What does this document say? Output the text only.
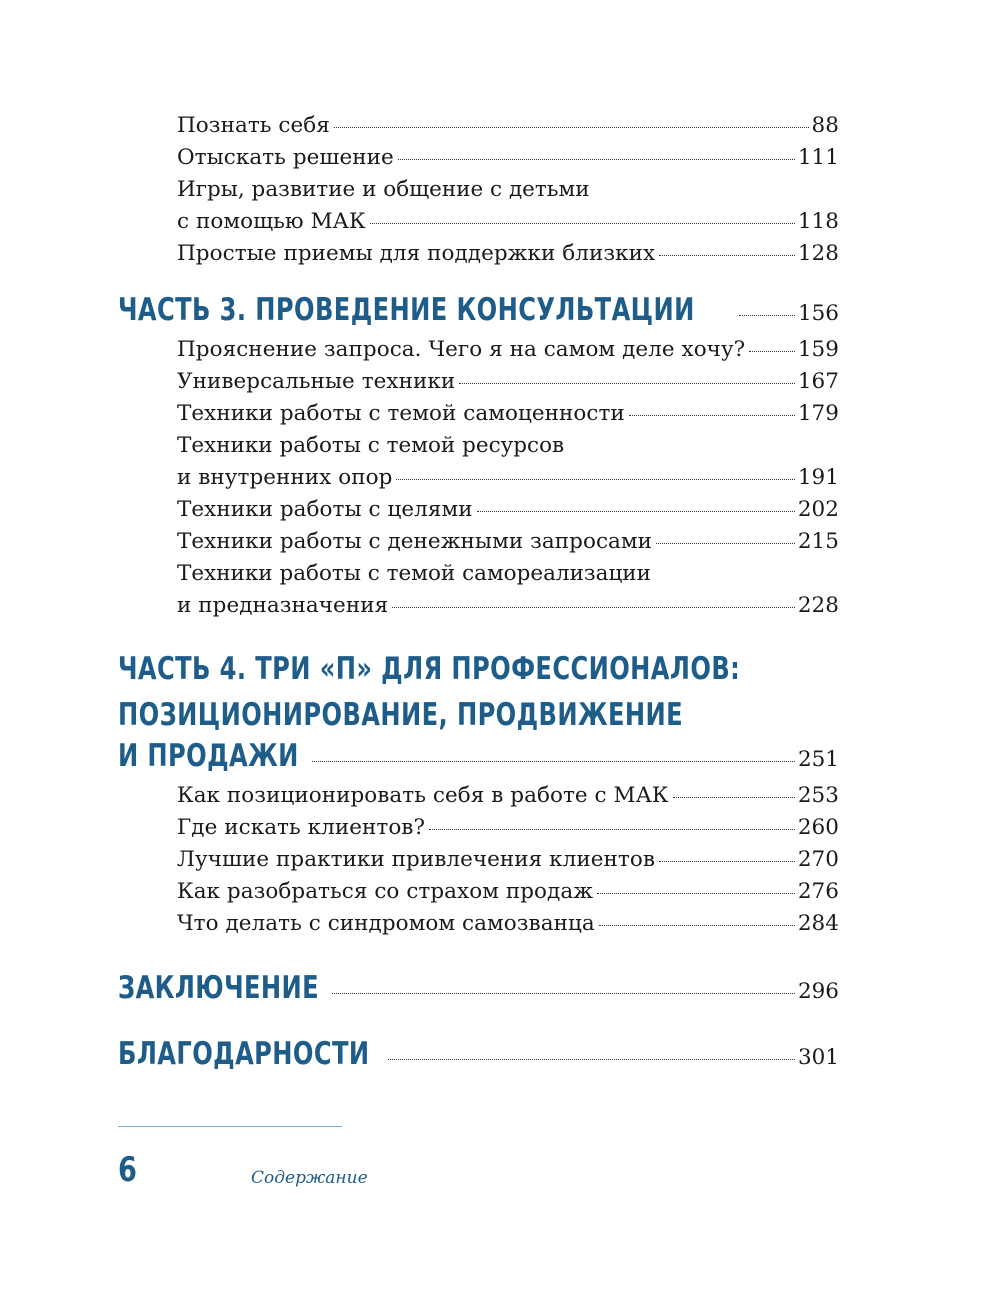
Познать себя	88
Отыскать решение	111
Игры, развитие и общение с детьми
с помощью МАК	118
Простые приемы для поддержки близких	128
ЧАСТЬ 3. ПРОВЕДЕНИЕ КОНСУЛЬТАЦИИ	156
Прояснение запроса. Чего я на самом деле хочу? 159
Универсальные техники	167
Техники работы с темой самоценности	179
Техники работы с темой ресурсов
и внутренних опор	191
Техники работы с целями	202
Техники работы с денежными запросами	215
Техники работы с темой самореализации
и предназначения	228
ЧАСТЬ 4. ТРИ «П» ДЛЯ ПРОФЕССИОНАЛОВ:
ПОЗИЦИОНИРОВАНИЕ, ПРОДВИЖЕНИЕ
И ПРОДАЖИ	251
Как позиционировать себя в работе с МАК	253
Где искать клиентов?	260
Лучшие практики привлечения клиентов	270
Как разобраться со страхом продаж	276
Что делать с синдромом самозванца	284
ЗАКЛЮЧЕНИЕ	296
БЛАГОДАРНОСТИ	301
6	Содержание
